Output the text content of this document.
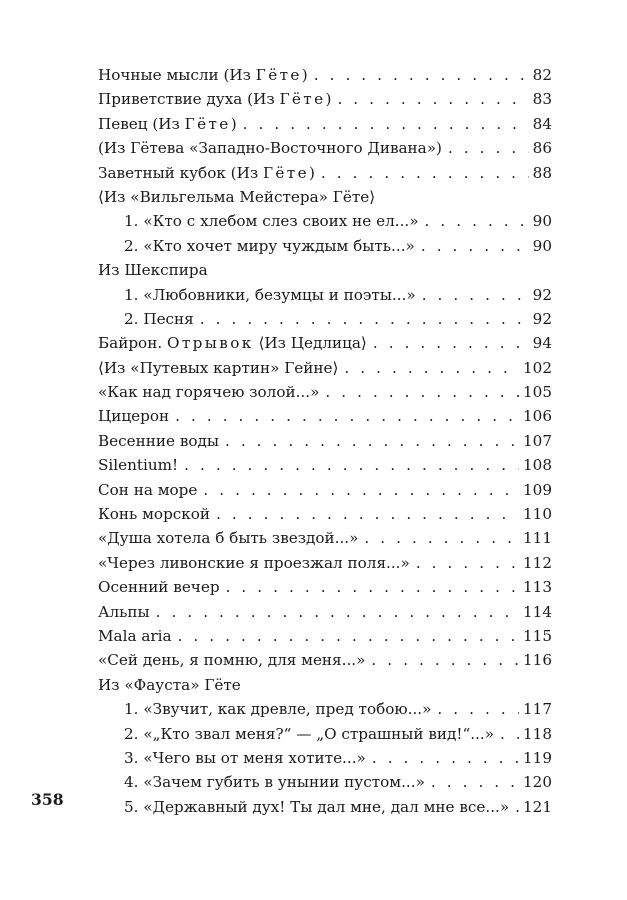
Ночные мысли (Из Гёте) . . .	82
Приветствие духа (Из Гёте) . . .	83
Певец (Из Гёте) . . .	84
(Из Гётева «Западно-Восточного Дивана») . . .	86
Заветный кубок (Из Гёте) . . .	88
⟨Из «Вильгельма Мейстера» Гёте⟩
1. «Кто с хлебом слез своих не ел...» . . .	90
2. «Кто хочет миру чуждым быть...» . . .	90
Из Шекспира
1. «Любовники, безумцы и поэты...» . . .	92
2. Песня . . .	92
Байрон. Отрывок ⟨Из Цедлица⟩ . . .	94
⟨Из «Путевых картин» Гейне⟩ . . .	102
«Как над горячею золой...» . . .	105
Цицерон . . .	106
Весенние воды . . .	107
Silentium! . . .	108
Сон на море . . .	109
Конь морской . . .	110
«Душа хотела б быть звездой...» . . .	111
«Через ливонские я проезжал поля...» . . .	112
Осенний вечер . . .	113
Альпы . . .	114
Mala aria . . .	115
«Сей день, я помню, для меня...» . . .	116
Из «Фауста» Гёте
1. «Звучит, как древле, пред тобою...» . . .	117
2. «„Кто звал меня?“ — „О страшный вид!“...» . . . 118
3. «Чего вы от меня хотите...» . . .	119
4. «Зачем губить в унынии пустом...» . . .	120
5. «Державный дух! Ты дал мне, дал мне все...» . . . 121
358
